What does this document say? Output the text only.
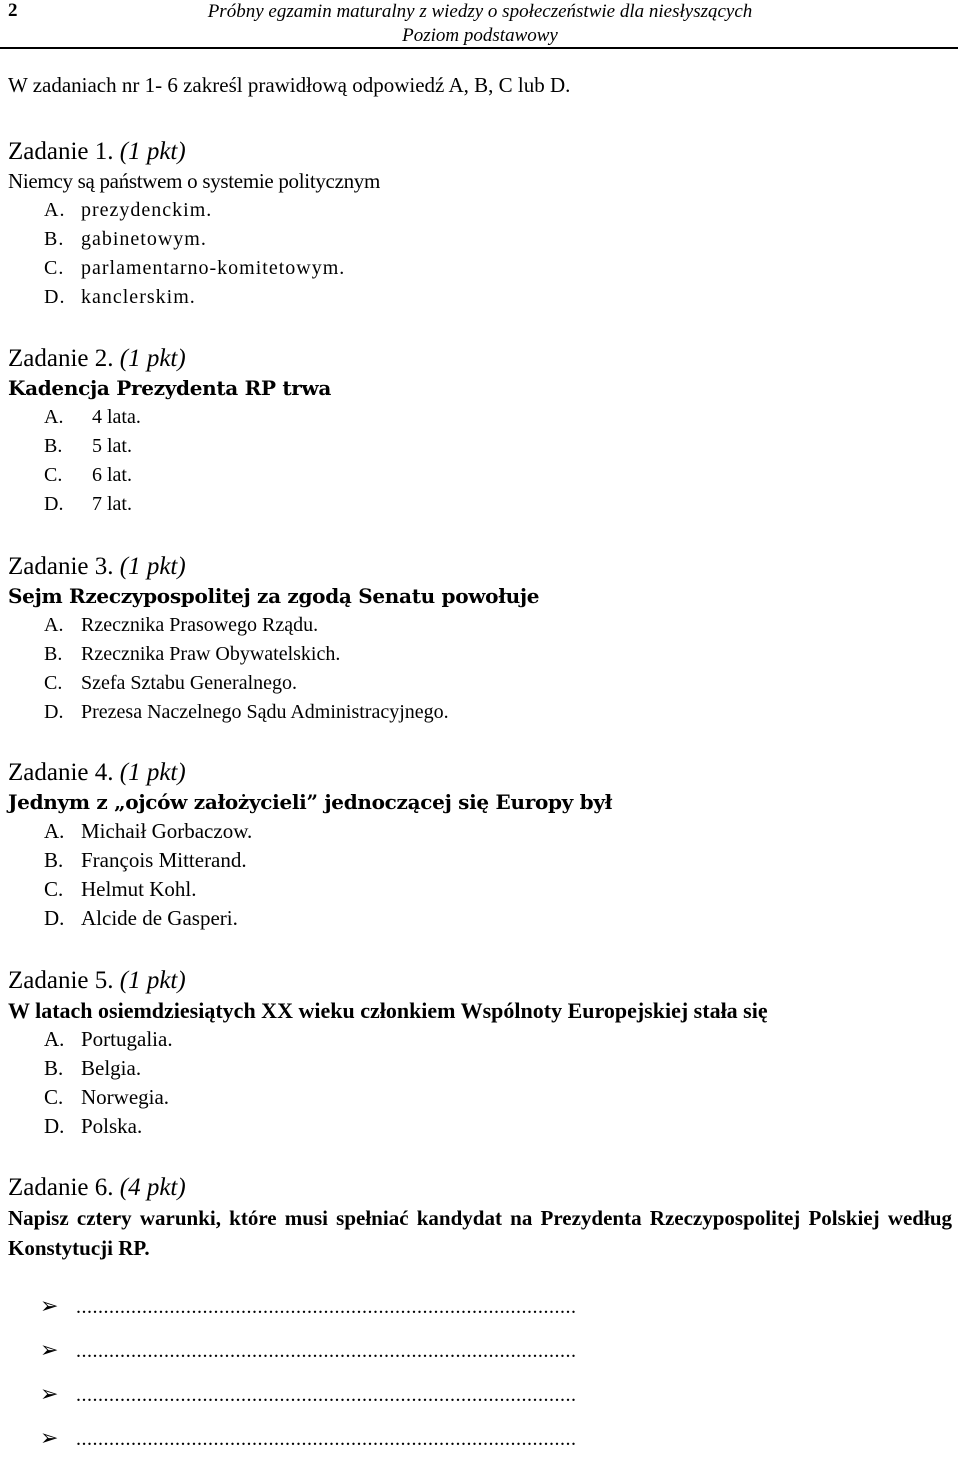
2	Próbny egzamin maturalny z wiedzy o społeczeństwie dla niesłyszących
Poziom podstawowy
W zadaniach nr 1- 6 zakreśl prawidłową odpowiedź A, B, C lub D.
Zadanie 1. (1 pkt)
Niemcy są państwem o systemie politycznym
A. prezydenckim.
B. gabinetowym.
C. parlamentarno-komitetowym.
D. kanclerskim.
Zadanie 2. (1 pkt)
Kadencja Prezydenta RP trwa
A. 4 lata.
B. 5 lat.
C. 6 lat.
D. 7 lat.
Zadanie 3. (1 pkt)
Sejm Rzeczypospolitej za zgodą Senatu powołuje
A. Rzecznika Prasowego Rządu.
B. Rzecznika Praw Obywatelskich.
C. Szefa Sztabu Generalnego.
D. Prezesa Naczelnego Sądu Administracyjnego.
Zadanie 4. (1 pkt)
Jednym z „ojców założycieli” jednoczącej się Europy był
A. Michaił Gorbaczow.
B. François Mitterand.
C. Helmut Kohl.
D. Alcide de Gasperi.
Zadanie 5. (1 pkt)
W latach osiemdziesiątych XX wieku członkiem Wspólnoty Europejskiej stała się
A. Portugalia.
B. Belgia.
C. Norwegia.
D. Polska.
Zadanie 6. (4 pkt)
Napisz cztery warunki, które musi spełniać kandydat na Prezydenta Rzeczypospolitej Polskiej według Konstytucji RP.
➢ ...........................................................................................
➢ ...........................................................................................
➢ ...........................................................................................
➢ ...........................................................................................
